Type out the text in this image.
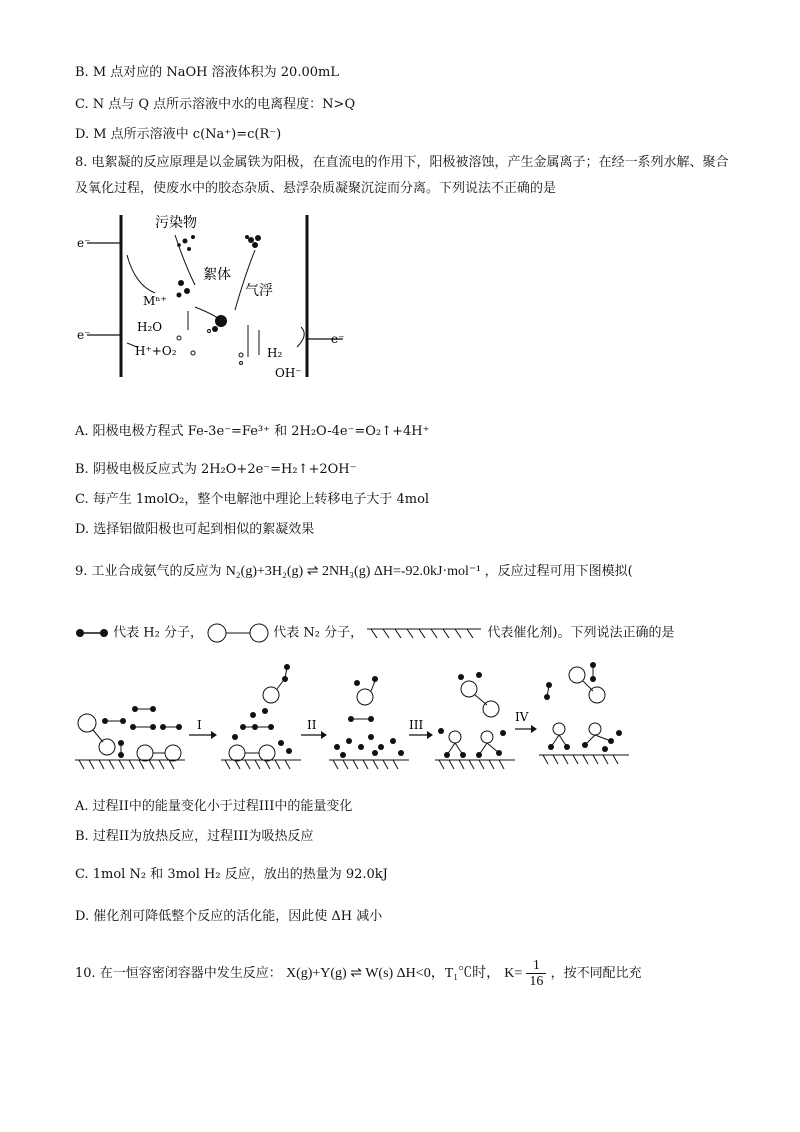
B. M 点对应的 NaOH 溶液体积为 20.00mL
C. N 点与 Q 点所示溶液中水的电离程度：N>Q
D. M 点所示溶液中 c(Na⁺)=c(R⁻)
8. 电絮凝的反应原理是以金属铁为阳极，在直流电的作用下，阳极被溶蚀，产生金属离子；在经一系列水解、聚合及氧化过程，使废水中的胶态杂质、悬浮杂质凝聚沉淀而分离。下列说法不正确的是
e⁻
e⁻	e⁻
污染物
絮体
气浮
Mⁿ⁺
H₂O
H⁺+O₂	H₂
OH⁻
A. 阳极电极方程式 Fe-3e⁻=Fe³⁺ 和 2H₂O-4e⁻=O₂↑+4H⁺
B. 阴极电极反应式为 2H₂O+2e⁻=H₂↑+2OH⁻
C. 每产生 1molO₂，整个电解池中理论上转移电子大于 4mol
D. 选择铝做阳极也可起到相似的絮凝效果
9. 工业合成氨气的反应为 N₂(g)+3H₂(g) ⇌ 2NH₃(g) ΔH=-92.0kJ·mol⁻¹ ，反应过程可用下图模拟(
代表 H₂ 分子，	代表 N₂ 分子，	代表催化剂)。下列说法正确的是
I	II	III
IV
A. 过程II中的能量变化小于过程III中的能量变化
B. 过程II为放热反应，过程III为吸热反应
C. 1mol N₂ 和 3mol H₂ 反应，放出的热量为 92.0kJ
D. 催化剂可降低整个反应的活化能，因此使 ΔH 减小
10. 在一恒容密闭容器中发生反应： X(g)+Y(g) ⇌ W(s) ΔH<0，T₁℃时， $K= \frac{1}{16}$ ，按不同配比充
